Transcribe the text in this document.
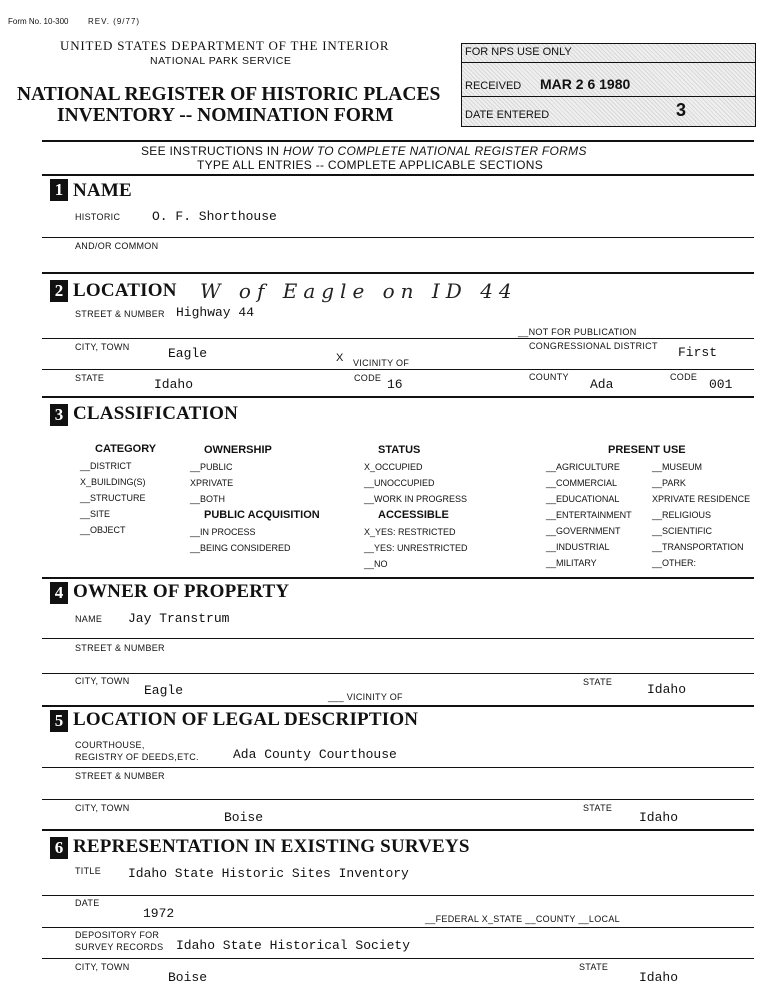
Form No. 10-300 REV. (9/77)
UNITED STATES DEPARTMENT OF THE INTERIOR
NATIONAL PARK SERVICE
NATIONAL REGISTER OF HISTORIC PLACES
INVENTORY -- NOMINATION FORM
FOR NPS USE ONLY
RECEIVED MAR 2 6 1980
DATE ENTERED	3
SEE INSTRUCTIONS IN HOW TO COMPLETE NATIONAL REGISTER FORMS
TYPE ALL ENTRIES -- COMPLETE APPLICABLE SECTIONS
1 NAME
HISTORIC O. F. Shorthouse
AND/OR COMMON
2 LOCATION W of Eagle on ID 44
STREET & NUMBER Highway 44
__NOT FOR PUBLICATION
CITY, TOWN	Eagle	X VICINITY OF
CONGRESSIONAL DISTRICT First
STATE	Idaho	CODE 16	COUNTY Ada	CODE 001
3 CLASSIFICATION
CATEGORY
__DISTRICT
X_BUILDING(S)
__STRUCTURE
__SITE
__OBJECT
OWNERSHIP
__PUBLIC
XPRIVATE
__BOTH
PUBLIC ACQUISITION
__IN PROCESS
__BEING CONSIDERED
STATUS
X_OCCUPIED
__UNOCCUPIED
__WORK IN PROGRESS
ACCESSIBLE
X_YES: RESTRICTED
__YES: UNRESTRICTED
__NO
PRESENT USE
__AGRICULTURE
__COMMERCIAL
__EDUCATIONAL
__ENTERTAINMENT
__GOVERNMENT
__INDUSTRIAL
__MILITARY
__MUSEUM
__PARK
XPRIVATE RESIDENCE
__RELIGIOUS
__SCIENTIFIC
__TRANSPORTATION
__OTHER:
4 OWNER OF PROPERTY
NAME Jay Transtrum
STREET & NUMBER
CITY, TOWN
Eagle	___ VICINITY OF
STATE	Idaho
5 LOCATION OF LEGAL DESCRIPTION
COURTHOUSE,
REGISTRY OF DEEDS,ETC.	Ada County Courthouse
STREET & NUMBER
CITY, TOWN
Boise
STATE
Idaho
6 REPRESENTATION IN EXISTING SURVEYS
TITLE Idaho State Historic Sites Inventory
DATE
1972	__FEDERAL X_STATE __COUNTY __LOCAL
DEPOSITORY FOR
SURVEY RECORDS Idaho State Historical Society
CITY, TOWN
Boise
STATE
Idaho
